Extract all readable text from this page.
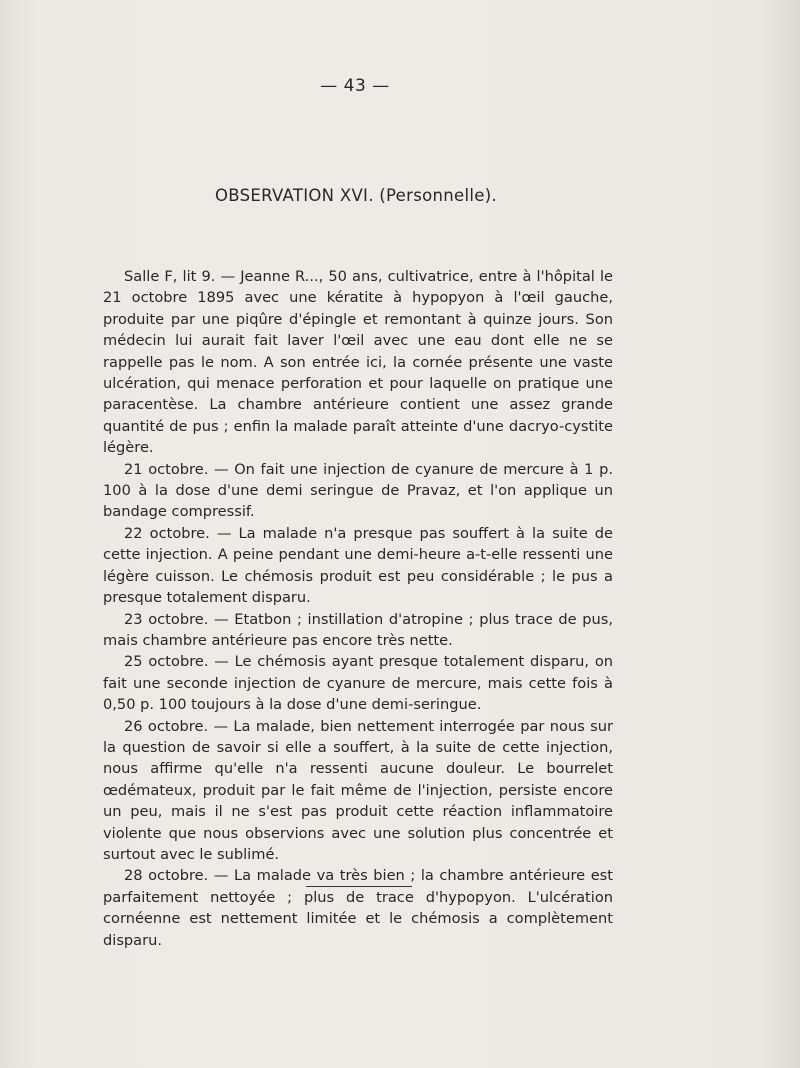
— 43 —
OBSERVATION XVI. (Personnelle).

Salle F, lit 9. — Jeanne R..., 50 ans, cultivatrice, entre à l'hôpital le 21 octobre 1895 avec une kératite à hypopyon à l'œil gauche, produite par une piqûre d'épingle et remontant à quinze jours. Son médecin lui aurait fait laver l'œil avec une eau dont elle ne se rappelle pas le nom. A son entrée ici, la cornée présente une vaste ulcération, qui menace perforation et pour laquelle on pratique une paracentèse. La chambre antérieure contient une assez grande quantité de pus ; enfin la malade paraît atteinte d'une dacryo-cystite légère.

21 octobre. — On fait une injection de cyanure de mercure à 1 p. 100 à la dose d'une demi seringue de Pravaz, et l'on applique un bandage compressif.

22 octobre. — La malade n'a presque pas souffert à la suite de cette injection. A peine pendant une demi-heure a-t-elle ressenti une légère cuisson. Le chémosis produit est peu considérable ; le pus a presque totalement disparu.

23 octobre. — Etatbon ; instillation d'atropine ; plus trace de pus, mais chambre antérieure pas encore très nette.

25 octobre. — Le chémosis ayant presque totalement disparu, on fait une seconde injection de cyanure de mercure, mais cette fois à 0,50 p. 100 toujours à la dose d'une demi-seringue.

26 octobre. — La malade, bien nettement interrogée par nous sur la question de savoir si elle a souffert, à la suite de cette injection, nous affirme qu'elle n'a ressenti aucune douleur. Le bourrelet œdémateux, produit par le fait même de l'injection, persiste encore un peu, mais il ne s'est pas produit cette réaction inflammatoire violente que nous observions avec une solution plus concentrée et surtout avec le sublimé.

28 octobre. — La malade va très bien ; la chambre antérieure est parfaitement nettoyée ; plus de trace d'hypopyon. L'ulcération cornéenne est nettement limitée et le chémosis a complètement disparu.
